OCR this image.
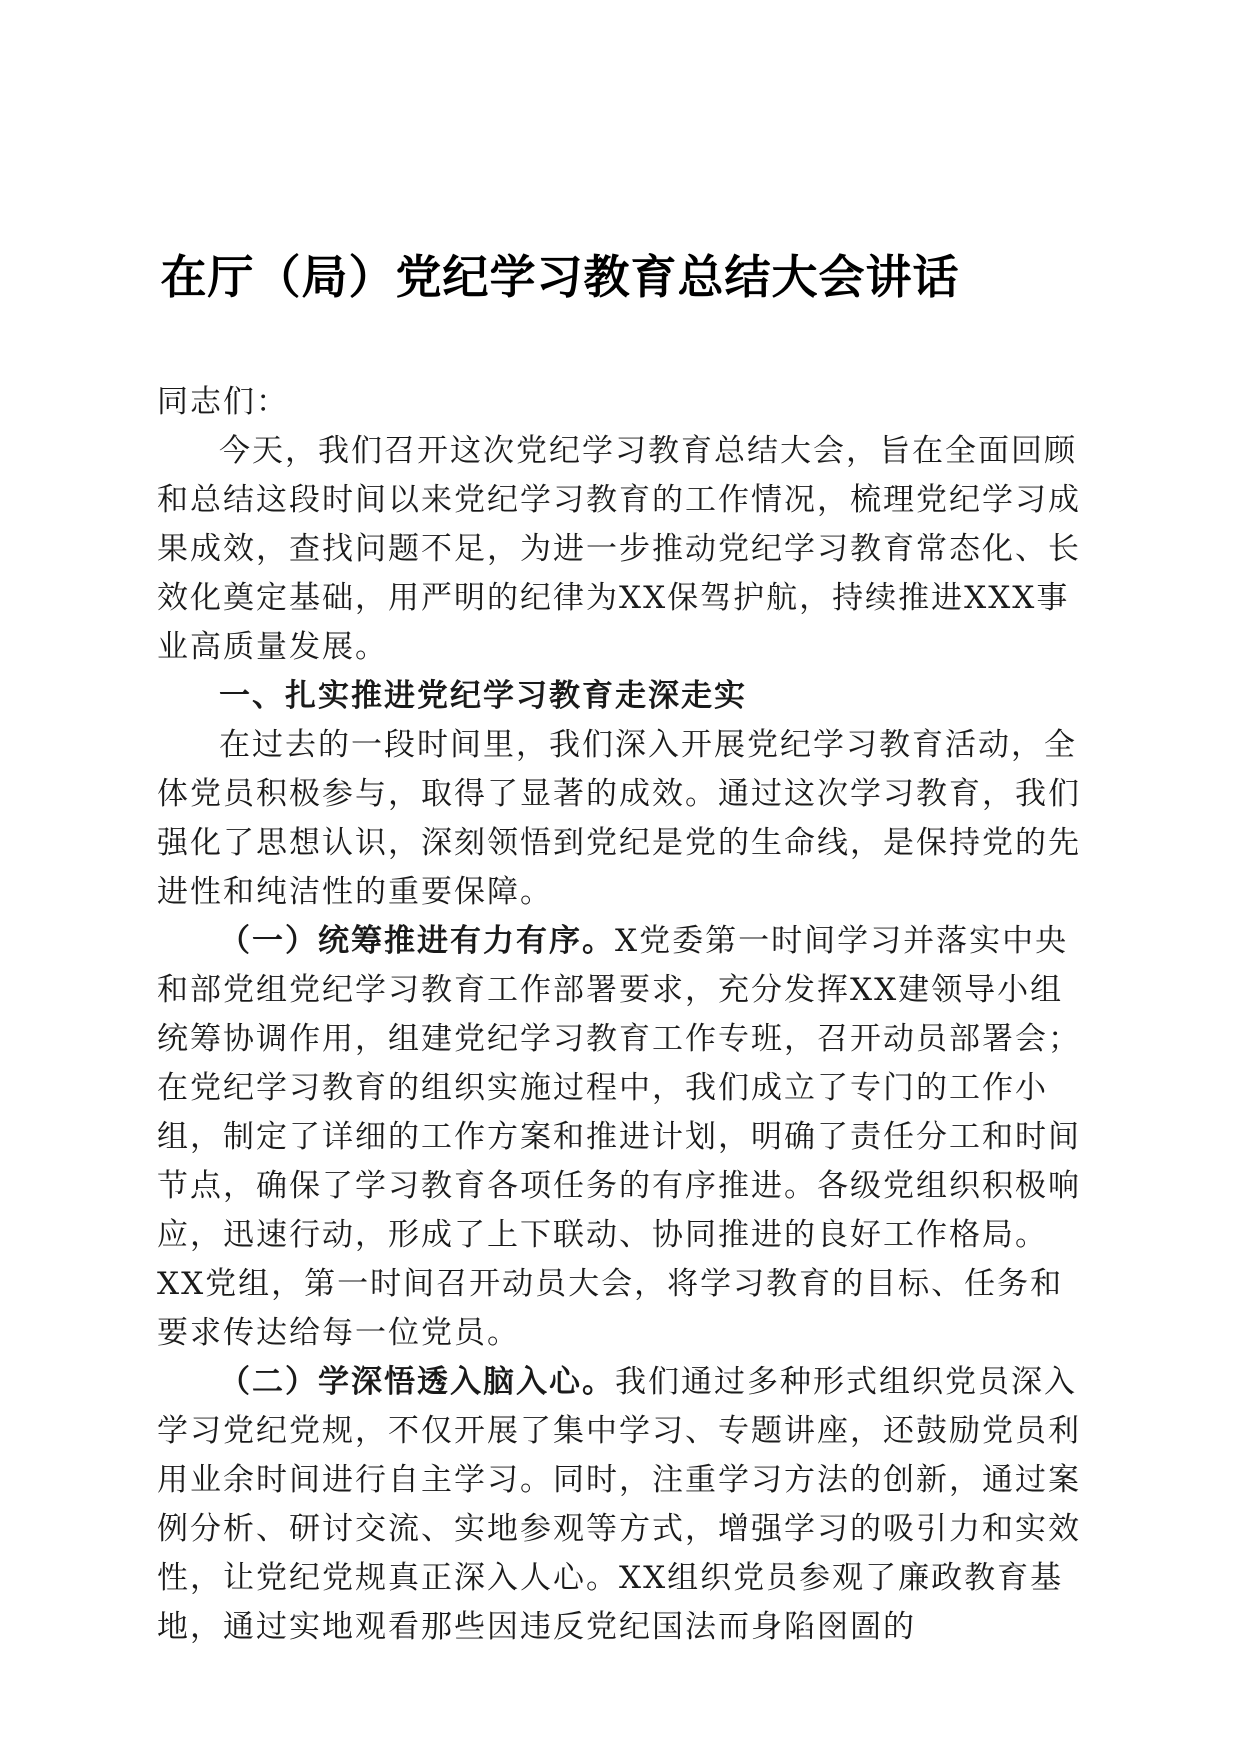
在厅（局）党纪学习教育总结大会讲话

同志们：

今天，我们召开这次党纪学习教育总结大会，旨在全面回顾和总结这段时间以来党纪学习教育的工作情况，梳理党纪学习成果成效，查找问题不足，为进一步推动党纪学习教育常态化、长效化奠定基础，用严明的纪律为XX保驾护航，持续推进XXX事业高质量发展。

一、扎实推进党纪学习教育走深走实

在过去的一段时间里，我们深入开展党纪学习教育活动，全体党员积极参与，取得了显著的成效。通过这次学习教育，我们强化了思想认识，深刻领悟到党纪是党的生命线，是保持党的先进性和纯洁性的重要保障。

（一）统筹推进有力有序。X党委第一时间学习并落实中央和部党组党纪学习教育工作部署要求，充分发挥XX建领导小组统筹协调作用，组建党纪学习教育工作专班，召开动员部署会；在党纪学习教育的组织实施过程中，我们成立了专门的工作小组，制定了详细的工作方案和推进计划，明确了责任分工和时间节点，确保了学习教育各项任务的有序推进。各级党组织积极响应，迅速行动，形成了上下联动、协同推进的良好工作格局。XX党组，第一时间召开动员大会，将学习教育的目标、任务和要求传达给每一位党员。

（二）学深悟透入脑入心。我们通过多种形式组织党员深入学习党纪党规，不仅开展了集中学习、专题讲座，还鼓励党员利用业余时间进行自主学习。同时，注重学习方法的创新，通过案例分析、研讨交流、实地参观等方式，增强学习的吸引力和实效性，让党纪党规真正深入人心。XX组织党员参观了廉政教育基地，通过实地观看那些因违反党纪国法而身陷囹圄的
